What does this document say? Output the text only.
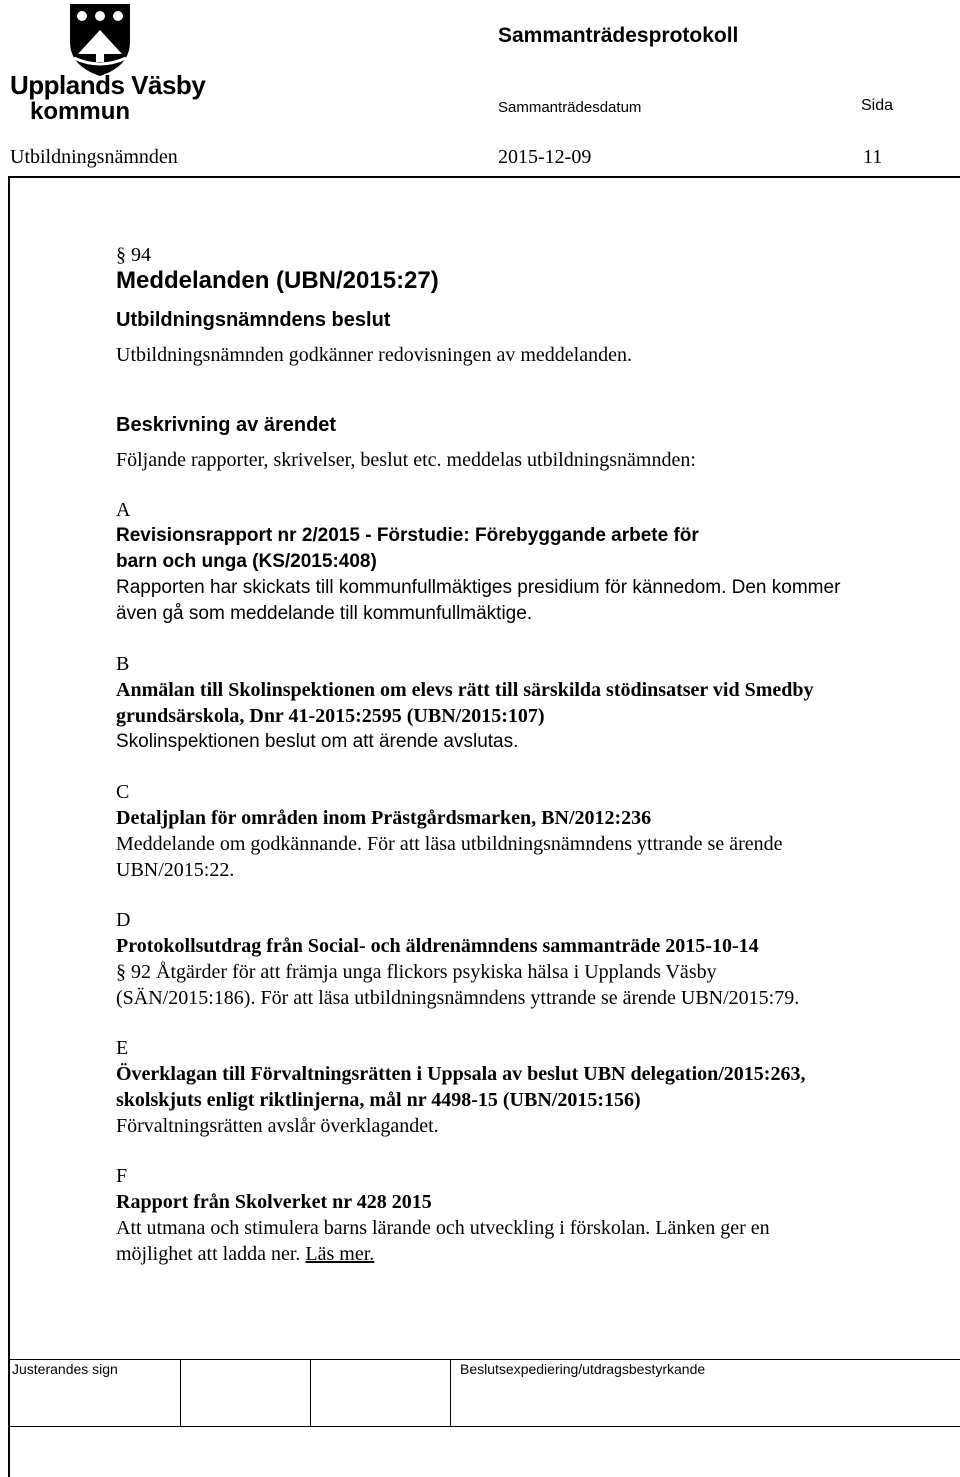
Upplands Väsby
kommun
Sammanträdesprotokoll
Sammanträdesdatum	Sida
Utbildningsnämnden	2015-12-09	11

§ 94

Meddelanden (UBN/2015:27)

Utbildningsnämndens beslut

Utbildningsnämnden godkänner redovisningen av meddelanden.

Beskrivning av ärendet

Följande rapporter, skrivelser, beslut etc. meddelas utbildningsnämnden:

A

Revisionsrapport nr 2/2015 - Förstudie: Förebyggande arbete för

barn och unga (KS/2015:408)

Rapporten har skickats till kommunfullmäktiges presidium för kännedom. Den kommer

även gå som meddelande till kommunfullmäktige.

B

Anmälan till Skolinspektionen om elevs rätt till särskilda stödinsatser vid Smedby

grundsärskola, Dnr 41-2015:2595 (UBN/2015:107)

Skolinspektionen beslut om att ärende avslutas.

C

Detaljplan för områden inom Prästgårdsmarken, BN/2012:236

Meddelande om godkännande. För att läsa utbildningsnämndens yttrande se ärende

UBN/2015:22.

D

Protokollsutdrag från Social- och äldrenämndens sammanträde 2015-10-14

§ 92 Åtgärder för att främja unga flickors psykiska hälsa i Upplands Väsby

(SÄN/2015:186). För att läsa utbildningsnämndens yttrande se ärende UBN/2015:79.

E

Överklagan till Förvaltningsrätten i Uppsala av beslut UBN delegation/2015:263,

skolskjuts enligt riktlinjerna, mål nr 4498-15 (UBN/2015:156)

Förvaltningsrätten avslår överklagandet.

F

Rapport från Skolverket nr 428 2015

Att utmana och stimulera barns lärande och utveckling i förskolan. Länken ger en

möjlighet att ladda ner. Läs mer.

Justerandes sign	Beslutsexpediering/utdragsbestyrkande
